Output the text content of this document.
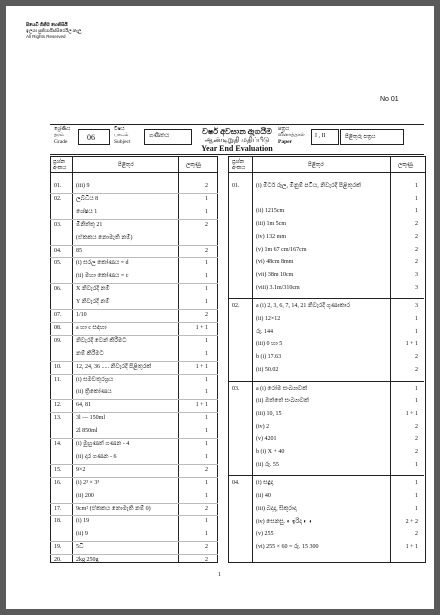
පියෙවි ගිනීම හෙතිසියි
ඉලශා සුකිශායිස්සිරෙයිල.නැලු
All Rights Reserved
No 01
වර්ෂ අවසාන ඇගයීම
ஆண்டிறுதி மதிப்பீடு
Year End Evaluation
ශ්‍රේණිය
தரம்
Grade	06
විෂය
பாடம்
Subject
ගණිතය
පත්‍රය
வினாத்தாள்
Paper
I , II	පිළිතුරු පත්‍රය
ප්‍රශ්න
අංකය	පිළිතුර	ලකුණු
01. (iii) 9	2
02. ලබ්ධිය 8	1
ශේෂය 1	1
03. මිනිත්තු 21	2
(ඒකකය නොමැති නම්)
04. 85	2
05. (i) සරල කෝණය = d	1
(ii) මහා කෝණය = c	1
06. X නිවැරදි නම්	1
Y නිවැරදි නම්	1
07. 1/10	2
08. a හා c සඳහා	1 + 1
09. නිවැරදි වෙන් කිරීමට	1
නම් කිරීමට	1
10. 12, 24, 36 ..... නිවැරදි පිළිතුරක්	1 + 1
11. (i) සමචතුරශ්‍රය	1
(ii) ත්‍රිකෝණය	1
12. 64, 81	1 + 1
13. 3l — 150ml	1
2l 850ml	1
14. (i) මුහුණත් ගණන - 4	1
(ii) දාර ගණන - 6	1
15. 9×2	2
16. (i) 2³ × 3³	1
(ii) 200	1
17. 9cm² (ඒකකය නොමැති නම් 0)	2
18. (i) 19	1
(ii) 9	1
19. 5ධි	2
20. 2kg 250g	2
ප්‍රශ්න
අංකය	පිළිතුර	ලකුණු
01.	(i) මීටර් රූල, මිනුම් පටිය, නිවැරදි පිළිතුරක්	1
1
(ii) 1215cm	1
(iii) 1m 5cm	2
(iv) 132 mm	2
(v) 1m 67 cm/167cm	2
(vi) 48cm 8mm	2
(vii) 38m 10cm	3
(viii) 3.1m/310cm	3
02.	a (i) 2, 3, 6, 7, 14, 21 නිවැරදි ගුණාකාර	3
(ii) 12×12	1
රු. 144	1
(iii) 0 හා 5	1 + 1
b (i) 17.63	2
(ii) 50.02	2
03.	a (i) රෝම සංඛ්‍යාවක්	1
(ii) ඔත්තේ සංඛ්‍යාවක්	1
(iii) 10, 15	1 + 1
(iv) 2	2
(v) 4201	2
b (i) X + 40	2
(ii) රු. 55	1
04.	(i) සඳුදා	1
(ii) 40	1
(iii) බදාදා, සිකුරාදා	1
(iv) සෙනසු. ◐ ඉරිදා ◐ ◖	2 + 2
(v) 255	2
(vi) 255 × 60 = රු. 15 300	1 + 1
1
